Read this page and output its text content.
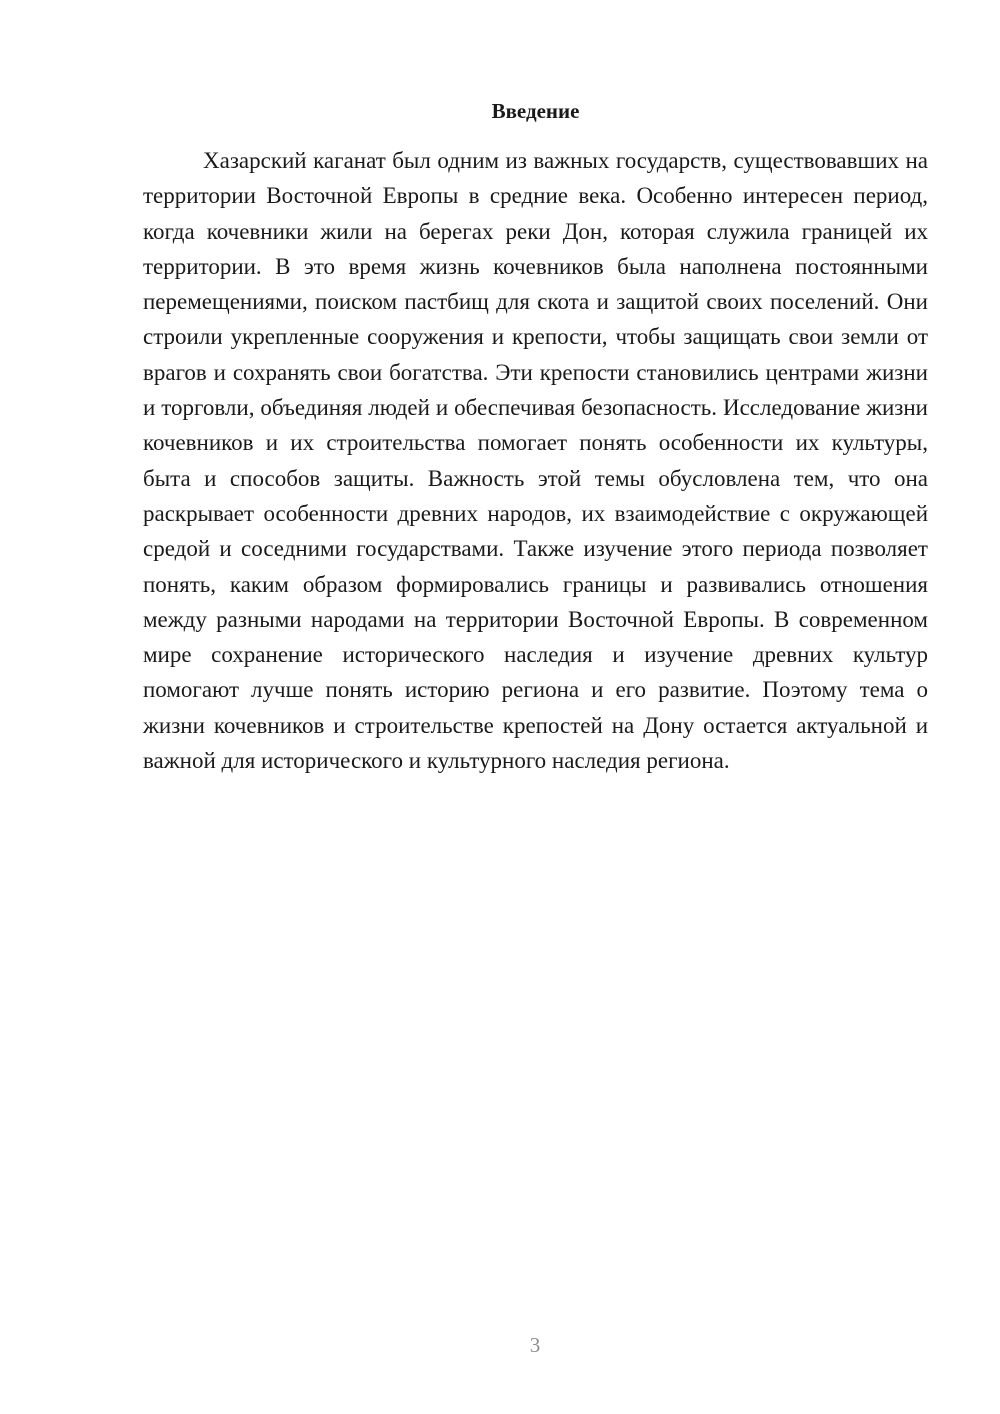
Введение

Хазарский каганат был одним из важных государств, существовавших на территории Восточной Европы в средние века. Особенно интересен период, когда кочевники жили на берегах реки Дон, которая служила границей их территории. В это время жизнь кочевников была наполнена постоянными перемещениями, поиском пастбищ для скота и защитой своих поселений. Они строили укрепленные сооружения и крепости, чтобы защищать свои земли от врагов и сохранять свои богатства. Эти крепости становились центрами жизни и торговли, объединяя людей и обеспечивая безопасность. Исследование жизни кочевников и их строительства помогает понять особенности их культуры, быта и способов защиты. Важность этой темы обусловлена тем, что она раскрывает особенности древних народов, их взаимодействие с окружающей средой и соседними государствами. Также изучение этого периода позволяет понять, каким образом формировались границы и развивались отношения между разными народами на территории Восточной Европы. В современном мире сохранение исторического наследия и изучение древних культур помогают лучше понять историю региона и его развитие. Поэтому тема о жизни кочевников и строительстве крепостей на Дону остается актуальной и важной для исторического и культурного наследия региона.

3
